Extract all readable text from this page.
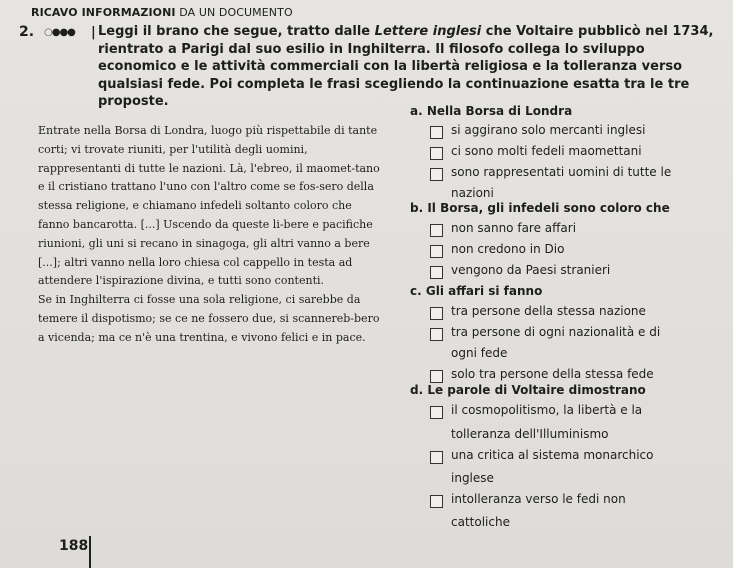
RICAVO INFORMAZIONI DA UN DOCUMENTO
2. ○●●● | Leggi il brano che segue, tratto dalle Lettere inglesi che Voltaire pubblicò nel 1734, rientrato a Parigi dal suo esilio in Inghilterra. Il filosofo collega lo sviluppo economico e le attività commerciali con la libertà religiosa e la tolleranza verso qualsiasi fede. Poi completa le frasi scegliendo la continuazione esatta tra le tre proposte.

Entrate nella Borsa di Londra, luogo più rispettabile di tante corti; vi trovate riuniti, per l'utilità degli uomini, rappresentanti di tutte le nazioni. Là, l'ebreo, il maomet-tano e il cristiano trattano l'uno con l'altro come se fos-sero della stessa religione, e chiamano infedeli soltanto coloro che fanno bancarotta. [...] Uscendo da queste li-bere e pacifiche riunioni, gli uni si recano in sinagoga, gli altri vanno a bere [...]; altri vanno nella loro chiesa col cappello in testa ad attendere l'ispirazione divina, e tutti sono contenti.

Se in Inghilterra ci fosse una sola religione, ci sarebbe da temere il dispotismo; se ce ne fossero due, si scannereb-bero a vicenda; ma ce n'è una trentina, e vivono felici e in pace.

a. Nella Borsa di Londra
si aggirano solo mercanti inglesi
ci sono molti fedeli maomettani
sono rappresentati uomini di tutte le
nazioni
b. Il Borsa, gli infedeli sono coloro che
non sanno fare affari
non credono in Dio
vengono da Paesi stranieri
c. Gli affari si fanno
tra persone della stessa nazione
tra persone di ogni nazionalità e di
ogni fede
solo tra persone della stessa fede
d. Le parole di Voltaire dimostrano
il cosmopolitismo, la libertà e la
tolleranza dell'Illuminismo
una critica al sistema monarchico
inglese
intolleranza verso le fedi non
cattoliche
188
